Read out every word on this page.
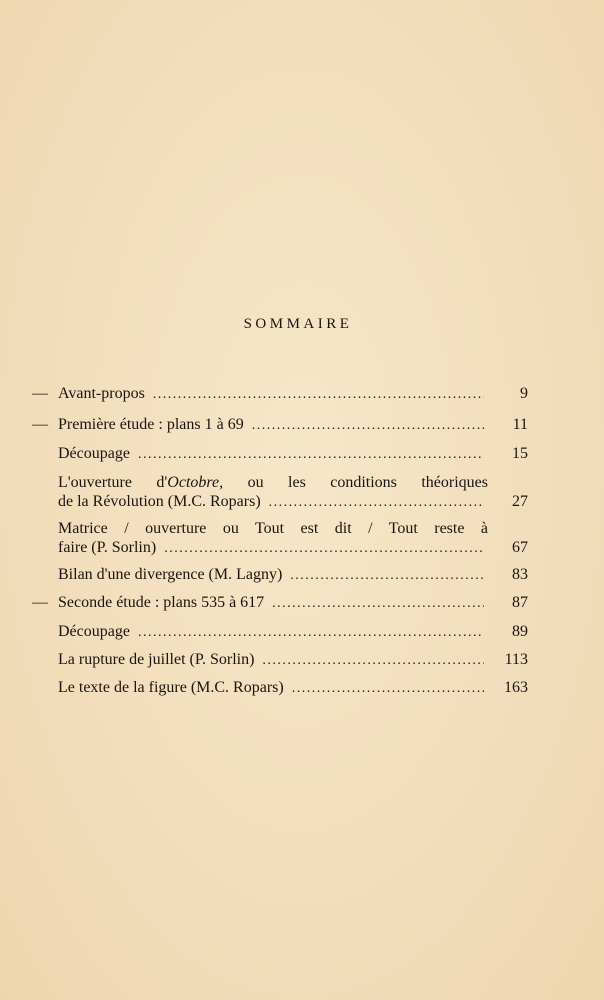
SOMMAIRE
— Avant-propos . . .	9
— Première étude : plans 1 à 69 . . .	11
Découpage . . .	15
L'ouverture d'Octobre, ou les conditions théoriques
de la Révolution (M.C. Ropars) . . .	27
Matrice / ouverture ou Tout est dit / Tout reste à
faire (P. Sorlin) . . .	67
Bilan d'une divergence (M. Lagny) . . .	83
— Seconde étude : plans 535 à 617 . . .	87
Découpage . . .	89
La rupture de juillet (P. Sorlin) . . .	113
Le texte de la figure (M.C. Ropars) . . .	163
